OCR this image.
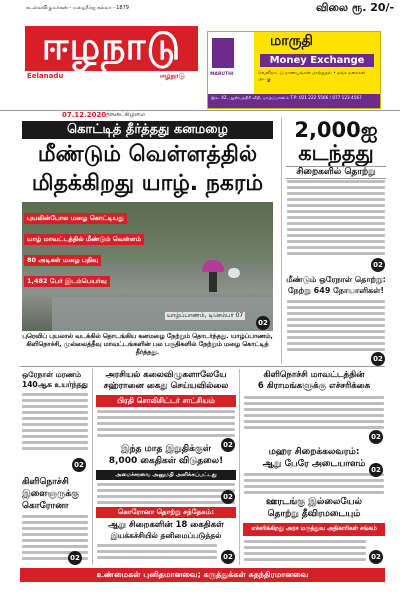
கடல்லவிழுமக்கன் - மழைநீர்ஜ கல்லா - 1879	விலை ரூ. 20/-
ஈழநாடு
Eelanadu	ஈழநாடு	MARUTHI
மாருதி
Money Exchange
வெளிநாட்டு நாணயங்கள் மாற்றுதல் • தங்க நகைகள் அடகு
இல. 42, ஆஸ்பத்திரி வீதி, யாழ்ப்பாணம் T.P: 021 222 5566 / 077 123 4567
07.12.2020 திங்கட்கிழமை
கொட்டித் தீர்த்தது கனமழை
மீண்டும் வெள்ளத்தில்
மிதக்கிறது யாழ். நகரம்
புயலின்போல மழை கொட்டியது
யாழ் மாவட்டத்தில் மீண்டும் வெள்ளம்
80 அடிகள் மழை பதிவு
1,482 பேர் இடம்பெயர்வு
யாழ்ப்பாணம், டிசெம்பர் 07
02
புரெவிப் புயலால் வடக்கில் தொடங்கிய கனமழை நேற்றும் தொடர்ந்தது. யாழ்ப்பாணம், கிளிநொச்சி, முல்லைத்தீவு மாவட்டங்களின் பல பகுதிகளில் நேற்றும் மழை கொட்டித் தீர்த்தது.
2,000ஐ
கடந்தது
சிறைகளில் தொற்று
02
மீண்டும் ஒரேநாள் தொற்று:
நேற்று 649 நோயாளிகள்!
02
ஒரேநாள் மரணம்
140ஆக உயர்ந்தது
02
கிளிநொச்சி
இளைஞருக்கு
கொரோனா
02
அரசியல் கலைவிழுகளாலேயே
சஹ்ரானை கைது செய்யவில்லை
பிரதி சொலிசிட்டர் சாட்சியம்
02
இந்த மாத இறுதிக்குள்
8,000 கைதிகள் விடுதலை!
அமைச்சரவை அனுமதி அளிக்கப்பட்டது
02
கொரோனா தொற்று சந்தேகம்:
ஆறு சிறைகளின் 18 கைதிகள்
இயக்கச்சியில் தனிமைப்படுத்தல்
02
கிளிநொச்சி மாவட்டத்தின்
6 கிராமங்களுக்கு எச்சரிக்கை
02
மஹர சிறைக்கலவரம்:
ஆறு பேரே அடையாளம்
02
ஊரடங்கு இல்லையேல்
தொற்று தீவிரமடையும்
எச்சரிக்கிறது அரச மருத்துவ அதிகாரிகள் சங்கம்
02
உண்மைகள் புனிதமானவை; கருத்துக்கள் சுதந்திரமானவை
